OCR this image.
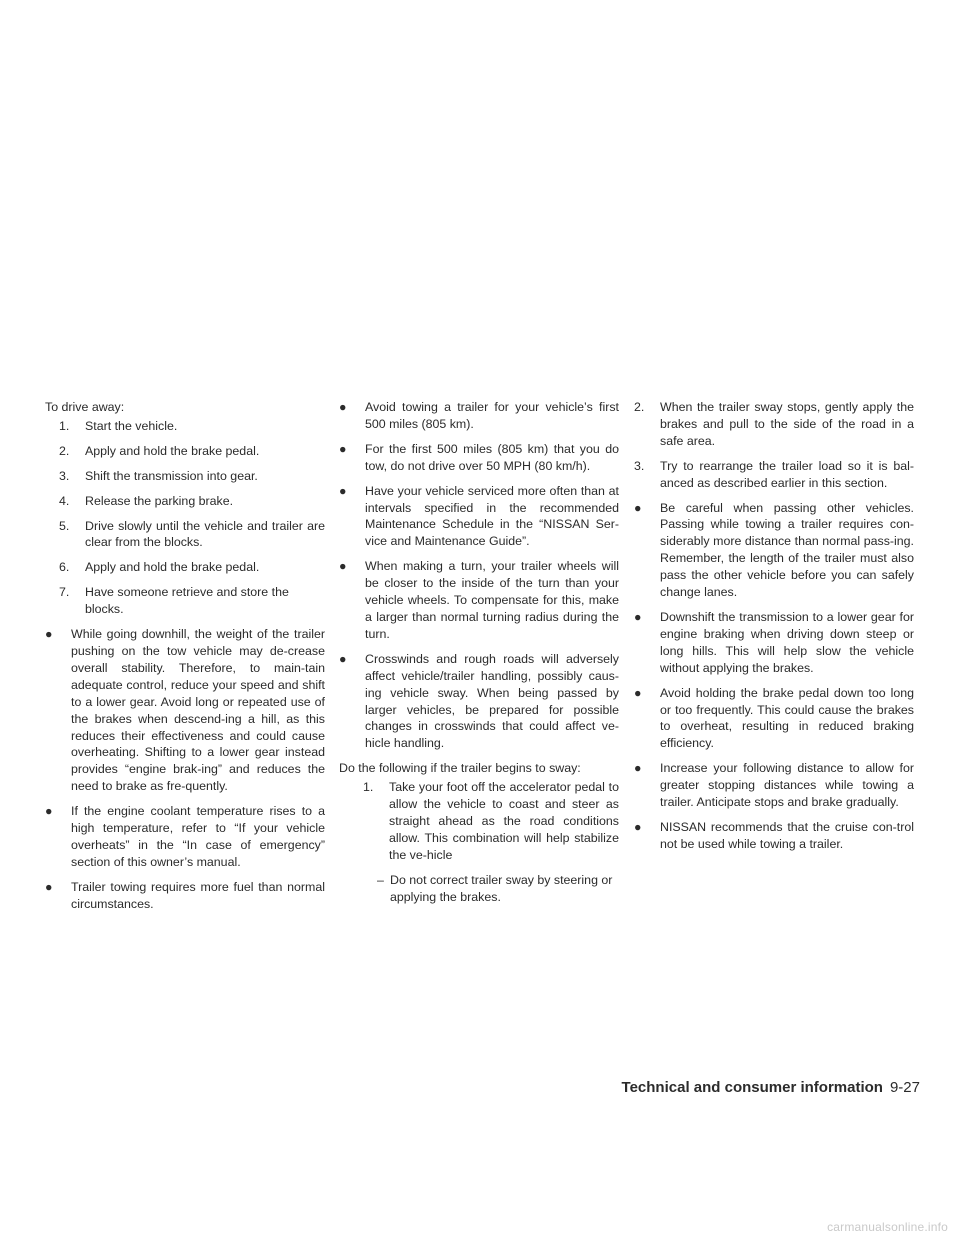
To drive away:

1. Start the vehicle.

2. Apply and hold the brake pedal.

3. Shift the transmission into gear.

4. Release the parking brake.

5. Drive slowly until the vehicle and trailer are clear from the blocks.

6. Apply and hold the brake pedal.

7. Have someone retrieve and store the blocks.

● While going downhill, the weight of the trailer pushing on the tow vehicle may de-crease overall stability. Therefore, to main-tain adequate control, reduce your speed and shift to a lower gear. Avoid long or repeated use of the brakes when descend-ing a hill, as this reduces their effectiveness and could cause overheating. Shifting to a lower gear instead provides “engine brak-ing” and reduces the need to brake as fre-quently.

● If the engine coolant temperature rises to a high temperature, refer to “If your vehicle overheats” in the “In case of emergency” section of this owner’s manual.

● Trailer towing requires more fuel than normal circumstances.

● Avoid towing a trailer for your vehicle’s first 500 miles (805 km).

● For the first 500 miles (805 km) that you do tow, do not drive over 50 MPH (80 km/h).

● Have your vehicle serviced more often than at intervals specified in the recommended Maintenance Schedule in the “NISSAN Ser-vice and Maintenance Guide”.

● When making a turn, your trailer wheels will be closer to the inside of the turn than your vehicle wheels. To compensate for this, make a larger than normal turning radius during the turn.

● Crosswinds and rough roads will adversely affect vehicle/trailer handling, possibly caus-ing vehicle sway. When being passed by larger vehicles, be prepared for possible changes in crosswinds that could affect ve-hicle handling.

Do the following if the trailer begins to sway:

1. Take your foot off the accelerator pedal to allow the vehicle to coast and steer as straight ahead as the road conditions allow. This combination will help stabilize the ve-hicle

– Do not correct trailer sway by steering or applying the brakes.

2. When the trailer sway stops, gently apply the brakes and pull to the side of the road in a safe area.

3. Try to rearrange the trailer load so it is bal-anced as described earlier in this section.

● Be careful when passing other vehicles. Passing while towing a trailer requires con-siderably more distance than normal pass-ing. Remember, the length of the trailer must also pass the other vehicle before you can safely change lanes.

● Downshift the transmission to a lower gear for engine braking when driving down steep or long hills. This will help slow the vehicle without applying the brakes.

● Avoid holding the brake pedal down too long or too frequently. This could cause the brakes to overheat, resulting in reduced braking efficiency.

● Increase your following distance to allow for greater stopping distances while towing a trailer. Anticipate stops and brake gradually.

● NISSAN recommends that the cruise con-trol not be used while towing a trailer.

Technical and consumer information 9-27
carmanualsonline.info
